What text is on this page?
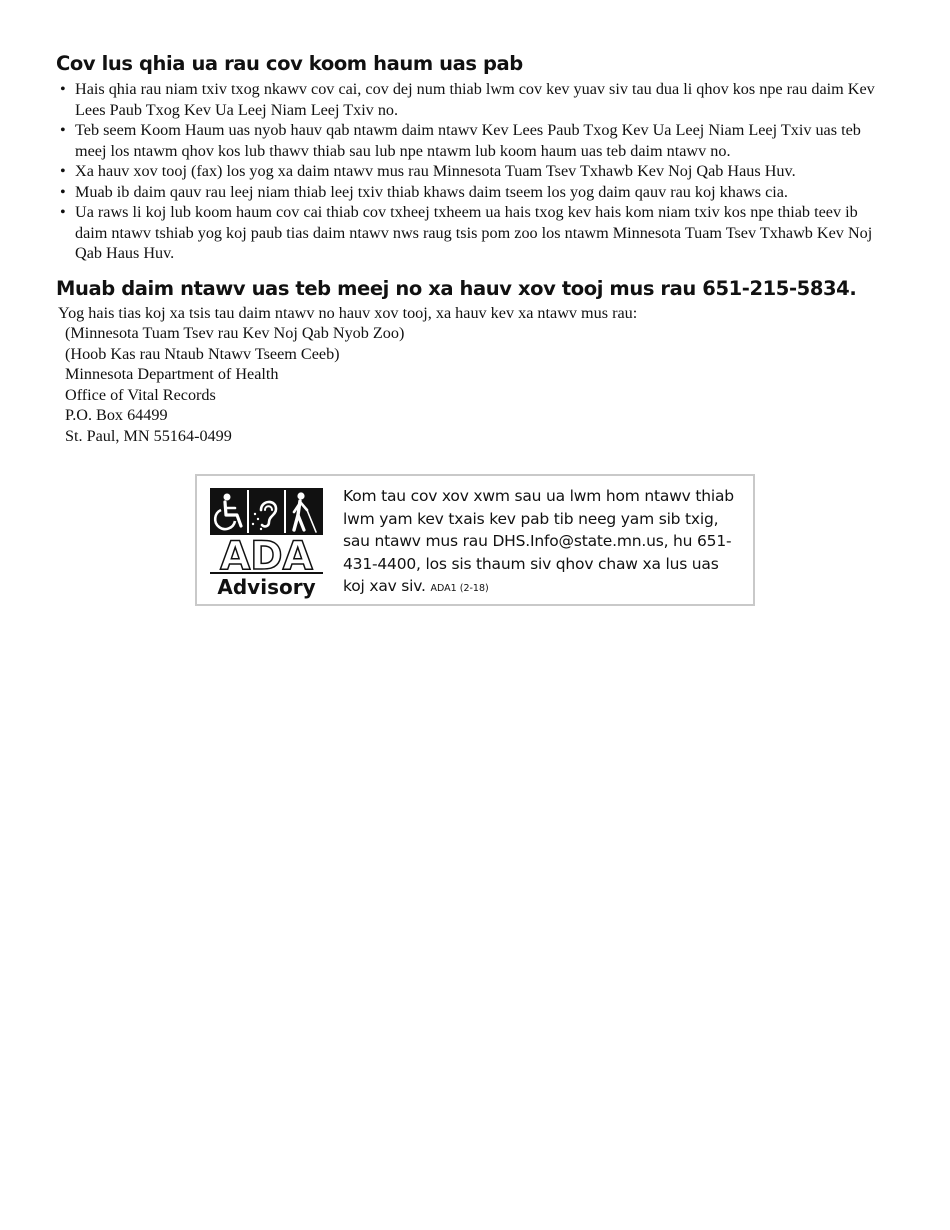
Cov lus qhia ua rau cov koom haum uas pab
• Hais qhia rau niam txiv txog nkawv cov cai, cov dej num thiab lwm cov kev yuav siv tau dua li qhov kos npe rau daim Kev Lees Paub Txog Kev Ua Leej Niam Leej Txiv no.
• Teb seem Koom Haum uas nyob hauv qab ntawm daim ntawv Kev Lees Paub Txog Kev Ua Leej Niam Leej Txiv uas teb meej los ntawm qhov kos lub thawv thiab sau lub npe ntawm lub koom haum uas teb daim ntawv no.
• Xa hauv xov tooj (fax) los yog xa daim ntawv mus rau Minnesota Tuam Tsev Txhawb Kev Noj Qab Haus Huv.
• Muab ib daim qauv rau leej niam thiab leej txiv thiab khaws daim tseem los yog daim qauv rau koj khaws cia.
• Ua raws li koj lub koom haum cov cai thiab cov txheej txheem ua hais txog kev hais kom niam txiv kos npe thiab teev ib daim ntawv tshiab yog koj paub tias daim ntawv nws raug tsis pom zoo los ntawm Minnesota Tuam Tsev Txhawb Kev Noj Qab Haus Huv.
Muab daim ntawv uas teb meej no xa hauv xov tooj mus rau 651-215-5834.

Yog hais tias koj xa tsis tau daim ntawv no hauv xov tooj, xa hauv kev xa ntawv mus rau:

(Minnesota Tuam Tsev rau Kev Noj Qab Nyob Zoo)
(Hoob Kas rau Ntaub Ntawv Tseem Ceeb)
Minnesota Department of Health
Office of Vital Records
P.O. Box 64499
St. Paul, MN 55164-0499
ADA
Advisory

Kom tau cov xov xwm sau ua lwm hom ntawv thiab lwm yam kev txais kev pab tib neeg yam sib txig, sau ntawv mus rau DHS.Info@state.mn.us, hu 651-431-4400, los sis thaum siv qhov chaw xa lus uas koj xav siv. ADA1 (2-18)
